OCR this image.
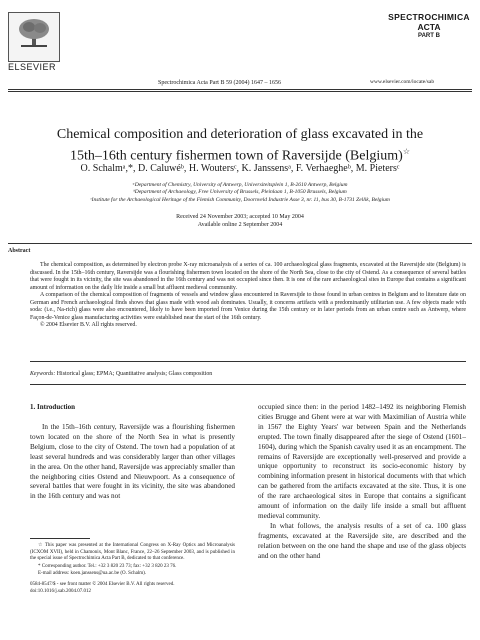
ELSEVIER
Spectrochimica Acta Part B 59 (2004) 1647 – 1656
SPECTROCHIMICA
ACTA
PART B
www.elsevier.com/locate/sab
Chemical composition and deterioration of glass excavated in the
15th–16th century fishermen town of Raversijde (Belgium)☆
O. Schalmᵃ,*, D. Caluwéᵇ, H. Woutersᶜ, K. Janssensᵃ, F. Verhaegheᵇ, M. Pietersᶜ
ᵃDepartment of Chemistry, University of Antwerp, Universiteitsplein 1, B-2610 Antwerp, Belgium
ᵇDepartment of Archaeology, Free University of Brussels, Pleinlaan 1, B-1050 Brussels, Belgium
ᶜInstitute for the Archaeological Heritage of the Flemish Community, Doornveld Industrie Asse 3, nr. 11, bus 30, B-1731 Zellik, Belgium
Received 24 November 2003; accepted 10 May 2004
Available online 2 September 2004
Abstract

The chemical composition, as determined by electron probe X-ray microanalysis of a series of ca. 100 archaeological glass fragments, excavated at the Raversijde site (Belgium) is discussed. In the 15th–16th century, Raversijde was a flourishing fishermen town located on the shore of the North Sea, close to the city of Ostend. As a consequence of several battles that were fought in its vicinity, the site was abandoned in the 16th century and was not occupied since then. It is one of the rare archaeological sites in Europe that contains a significant amount of information on the daily life inside a small but affluent medieval community.

A comparison of the chemical composition of fragments of vessels and window glass encountered in Raversijde to those found in urban centres in Belgium and to literature date on German and French archaeological finds shows that glass made with wood ash dominates. Usually, it concerns artifacts with a predominantly utilitarian use. A few objects made with soda: (i.e., Na-rich) glass were also encountered, likely to have been imported from Venice during the 15th century or in later periods from an urban centre such as Antwerp, where Façon-de-Venice glass manufacturing activities were established near the start of the 16th century.

© 2004 Elsevier B.V. All rights reserved.

Keywords: Historical glass; EPMA; Quantitative analysis; Glass composition
1. Introduction

In the 15th–16th century, Raversijde was a flourishing fishermen town located on the shore of the North Sea in what is presently Belgium, close to the city of Ostend. The town had a population of at least several hundreds and was considerably larger than other villages in the area. On the other hand, Raversijde was appreciably smaller than the neighboring cities Ostend and Nieuwpoort. As a consequence of several battles that were fought in its vicinity, the site was abandoned in the 16th century and was not

☆ This paper was presented at the International Congress on X-Ray Optics and Microanalysis (ICXOM XVII), held in Chamonix, Mont Blanc, France, 22–26 September 2003, and is published in the special issue of Spectrochimica Acta Part B, dedicated to that conference.

* Corresponding author. Tel.: +32 3 820 23 73; fax: +32 3 820 23 76.

E-mail address: koen.janssens@ua.ac.be (O. Schalm).

0584-8547/$ - see front matter © 2004 Elsevier B.V. All rights reserved.
doi:10.1016/j.sab.2004.07.012

occupied since then: in the period 1482–1492 its neighboring Flemish cities Brugge and Ghent were at war with Maximilian of Austria while in 1567 the Eighty Years' war between Spain and the Netherlands erupted. The town finally disappeared after the siege of Ostend (1601–1604), during which the Spanish cavalry used it as an encampment. The remains of Raversijde are exceptionally well-preserved and provide a unique opportunity to reconstruct its socio-economic history by combining information present in historical documents with that which can be gathered from the artifacts excavated at the site. Thus, it is one of the rare archaeological sites in Europe that contains a significant amount of information on the daily life inside a small but affluent medieval community.

In what follows, the analysis results of a set of ca. 100 glass fragments, excavated at the Raversijde site, are described and the relation between on the one hand the shape and use of the glass objects and on the other hand
